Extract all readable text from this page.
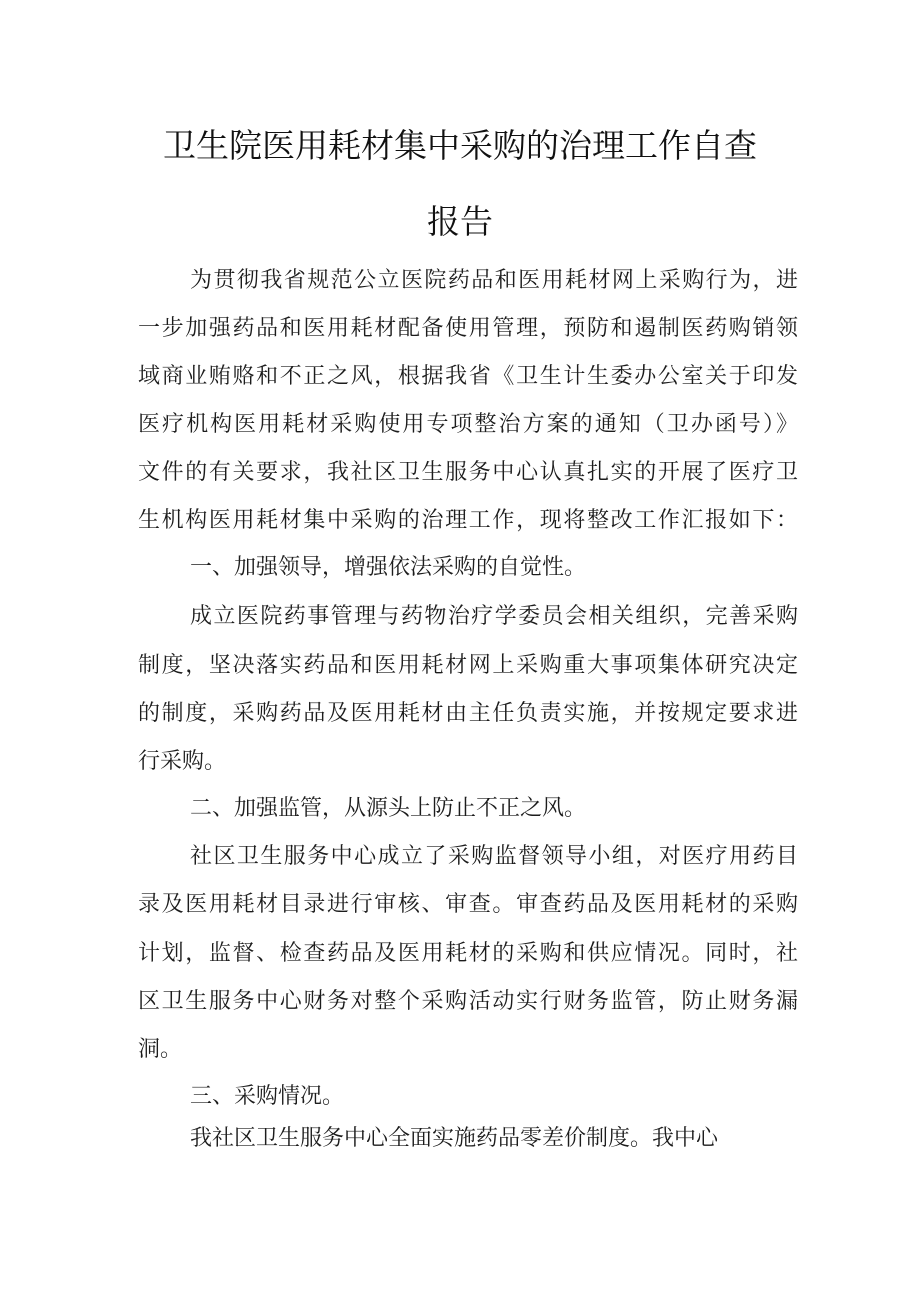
卫生院医用耗材集中采购的治理工作自查
报告
为贯彻我省规范公立医院药品和医用耗材网上采购行为，进
一步加强药品和医用耗材配备使用管理，预防和遏制医药购销领
域商业贿赂和不正之风，根据我省《卫生计生委办公室关于印发
医疗机构医用耗材采购使用专项整治方案的通知（卫办函号）》
文件的有关要求，我社区卫生服务中心认真扎实的开展了医疗卫
生机构医用耗材集中采购的治理工作，现将整改工作汇报如下：
一、加强领导，增强依法采购的自觉性。
成立医院药事管理与药物治疗学委员会相关组织，完善采购
制度，坚决落实药品和医用耗材网上采购重大事项集体研究决定
的制度，采购药品及医用耗材由主任负责实施，并按规定要求进
行采购。
二、加强监管，从源头上防止不正之风。
社区卫生服务中心成立了采购监督领导小组，对医疗用药目
录及医用耗材目录进行审核、审查。审查药品及医用耗材的采购
计划，监督、检查药品及医用耗材的采购和供应情况。同时，社
区卫生服务中心财务对整个采购活动实行财务监管，防止财务漏
洞。
三、采购情况。
我社区卫生服务中心全面实施药品零差价制度。我中心
